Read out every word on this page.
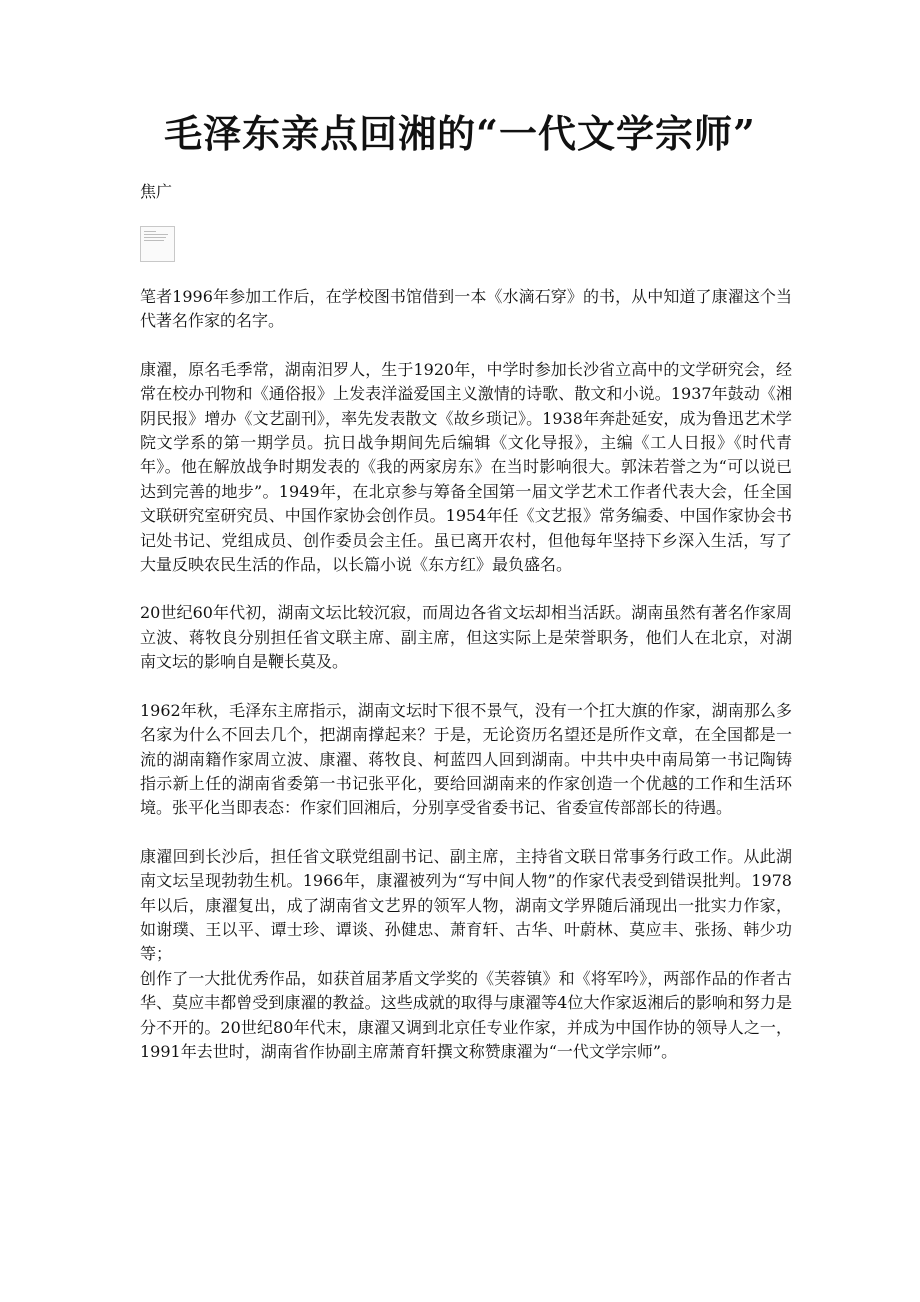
毛泽东亲点回湘的“一代文学宗师”
焦广

笔者1996年参加工作后，在学校图书馆借到一本《水滴石穿》的书，从中知道了康濯这个当代著名作家的名字。

康濯，原名毛季常，湖南汨罗人，生于1920年，中学时参加长沙省立高中的文学研究会，经常在校办刊物和《通俗报》上发表洋溢爱国主义激情的诗歌、散文和小说。1937年鼓动《湘阴民报》增办《文艺副刊》，率先发表散文《故乡琐记》。1938年奔赴延安，成为鲁迅艺术学院文学系的第一期学员。抗日战争期间先后编辑《文化导报》，主编《工人日报》《时代青年》。他在解放战争时期发表的《我的两家房东》在当时影响很大。郭沫若誉之为“可以说已达到完善的地步”。1949年，在北京参与筹备全国第一届文学艺术工作者代表大会，任全国文联研究室研究员、中国作家协会创作员。1954年任《文艺报》常务编委、中国作家协会书记处书记、党组成员、创作委员会主任。虽已离开农村，但他每年坚持下乡深入生活，写了大量反映农民生活的作品，以长篇小说《东方红》最负盛名。

20世纪60年代初，湖南文坛比较沉寂，而周边各省文坛却相当活跃。湖南虽然有著名作家周立波、蒋牧良分别担任省文联主席、副主席，但这实际上是荣誉职务，他们人在北京，对湖南文坛的影响自是鞭长莫及。

1962年秋，毛泽东主席指示，湖南文坛时下很不景气，没有一个扛大旗的作家，湖南那么多名家为什么不回去几个，把湖南撑起来？于是，无论资历名望还是所作文章，在全国都是一流的湖南籍作家周立波、康濯、蒋牧良、柯蓝四人回到湖南。中共中央中南局第一书记陶铸指示新上任的湖南省委第一书记张平化，要给回湖南来的作家创造一个优越的工作和生活环境。张平化当即表态：作家们回湘后，分别享受省委书记、省委宣传部部长的待遇。

康濯回到长沙后，担任省文联党组副书记、副主席，主持省文联日常事务行政工作。从此湖南文坛呈现勃勃生机。1966年，康濯被列为“写中间人物”的作家代表受到错误批判。1978年以后，康濯复出，成了湖南省文艺界的领军人物，湖南文学界随后涌现出一批实力作家，如谢璞、王以平、谭士珍、谭谈、孙健忠、萧育轩、古华、叶蔚林、莫应丰、张扬、韩少功等；

创作了一大批优秀作品，如获首届茅盾文学奖的《芙蓉镇》和《将军吟》，两部作品的作者古华、莫应丰都曾受到康濯的教益。这些成就的取得与康濯等4位大作家返湘后的影响和努力是分不开的。20世纪80年代末，康濯又调到北京任专业作家，并成为中国作协的领导人之一，1991年去世时，湖南省作协副主席萧育轩撰文称赞康濯为“一代文学宗师”。
